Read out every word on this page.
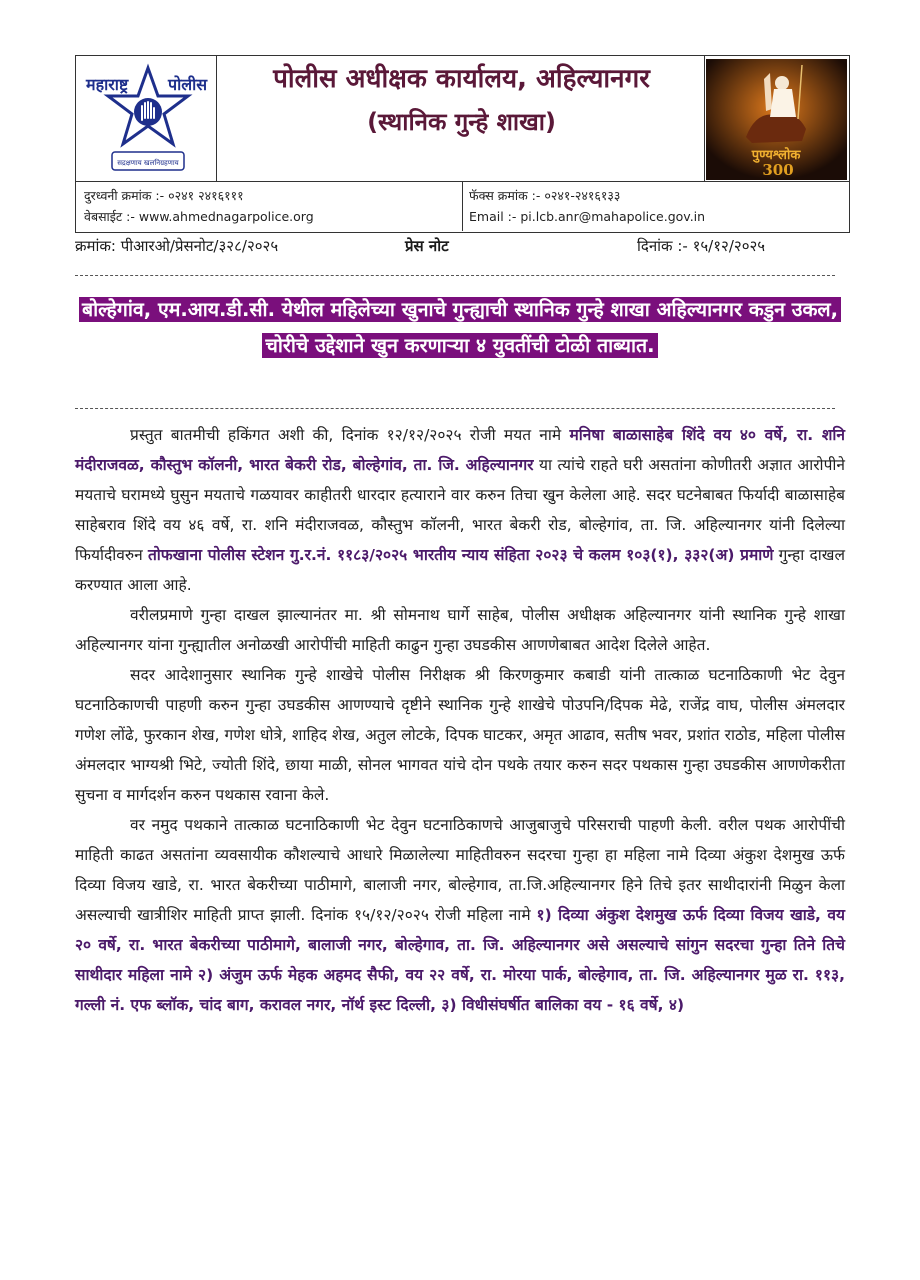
महाराष्ट्र पोलीस
सद्रक्षणाय खलनिग्रहणाय
पोलीस अधीक्षक कार्यालय, अहिल्यानगर
(स्थानिक गुन्हे शाखा)
पुण्यश्लोक
300
दुरध्वनी क्रमांक :- ०२४१ २४१६१११
वेबसाईट :- www.ahmednagarpolice.org
फॅक्स क्रमांक :- ०२४१-२४१६१३३
Email :- pi.lcb.anr@mahapolice.gov.in
क्रमांक: पीआरओ/प्रेसनोट/३२८/२०२५	प्रेस नोट	दिनांक :- १५/१२/२०२५
बोल्हेगांव, एम.आय.डी.सी. येथील महिलेच्या खुनाचे गुन्ह्याची स्थानिक गुन्हे शाखा अहिल्यानगर कडुन उकल, चोरीचे उद्देशाने खुन करणाऱ्या ४ युवतींची टोळी ताब्यात.

प्रस्तुत बातमीची हकिंगत अशी की, दिनांक १२/१२/२०२५ रोजी मयत नामे मनिषा बाळासाहेब शिंदे वय ४० वर्षे, रा. शनि मंदीराजवळ, कौस्तुभ कॉलनी, भारत बेकरी रोड, बोल्हेगांव, ता. जि. अहिल्यानगर या त्यांचे राहते घरी असतांना कोणीतरी अज्ञात आरोपीने मयताचे घरामध्ये घुसुन मयताचे गळयावर काहीतरी धारदार हत्याराने वार करुन तिचा खुन केलेला आहे. सदर घटनेबाबत फिर्यादी बाळासाहेब साहेबराव शिंदे वय ४६ वर्षे, रा. शनि मंदीराजवळ, कौस्तुभ कॉलनी, भारत बेकरी रोड, बोल्हेगांव, ता. जि. अहिल्यानगर यांनी दिलेल्या फिर्यादीवरुन तोफखाना पोलीस स्टेशन गु.र.नं. ११८३/२०२५ भारतीय न्याय संहिता २०२३ चे कलम १०३(१), ३३२(अ) प्रमाणे गुन्हा दाखल करण्यात आला आहे.

वरीलप्रमाणे गुन्हा दाखल झाल्यानंतर मा. श्री सोमनाथ घार्गे साहेब, पोलीस अधीक्षक अहिल्यानगर यांनी स्थानिक गुन्हे शाखा अहिल्यानगर यांना गुन्ह्यातील अनोळखी आरोपींची माहिती काढुन गुन्हा उघडकीस आणणेबाबत आदेश दिलेले आहेत.

सदर आदेशानुसार स्थानिक गुन्हे शाखेचे पोलीस निरीक्षक श्री किरणकुमार कबाडी यांनी तात्काळ घटनाठिकाणी भेट देवुन घटनाठिकाणची पाहणी करुन गुन्हा उघडकीस आणण्याचे दृष्टीने स्थानिक गुन्हे शाखेचे पोउपनि/दिपक मेढे, राजेंद्र वाघ, पोलीस अंमलदार गणेश लोंढे, फुरकान शेख, गणेश धोत्रे, शाहिद शेख, अतुल लोटके, दिपक घाटकर, अमृत आढाव, सतीष भवर, प्रशांत राठोड, महिला पोलीस अंमलदार भाग्यश्री भिटे, ज्योती शिंदे, छाया माळी, सोनल भागवत यांचे दोन पथके तयार करुन सदर पथकास गुन्हा उघडकीस आणणेकरीता सुचना व मार्गदर्शन करुन पथकास रवाना केले.

वर नमुद पथकाने तात्काळ घटनाठिकाणी भेट देवुन घटनाठिकाणचे आजुबाजुचे परिसराची पाहणी केली. वरील पथक आरोपींची माहिती काढत असतांना व्यवसायीक कौशल्याचे आधारे मिळालेल्या माहितीवरुन सदरचा गुन्हा हा महिला नामे दिव्या अंकुश देशमुख ऊर्फ दिव्या विजय खाडे, रा. भारत बेकरीच्या पाठीमागे, बालाजी नगर, बोल्हेगाव, ता.जि.अहिल्यानगर हिने तिचे इतर साथीदारांनी मिळुन केला असल्याची खात्रीशिर माहिती प्राप्त झाली. दिनांक १५/१२/२०२५ रोजी महिला नामे १) दिव्या अंकुश देशमुख ऊर्फ दिव्या विजय खाडे, वय २० वर्षे, रा. भारत बेकरीच्या पाठीमागे, बालाजी नगर, बोल्हेगाव, ता. जि. अहिल्यानगर असे असल्याचे सांगुन सदरचा गुन्हा तिने तिचे साथीदार महिला नामे २) अंजुम ऊर्फ मेहक अहमद सैफी, वय २२ वर्षे, रा. मोरया पार्क, बोल्हेगाव, ता. जि. अहिल्यानगर मुळ रा. ११३, गल्ली नं. एफ ब्लॉक, चांद बाग, करावल नगर, नॉर्थ इस्ट दिल्ली, ३) विधीसंघर्षीत बालिका वय - १६ वर्षे, ४)
